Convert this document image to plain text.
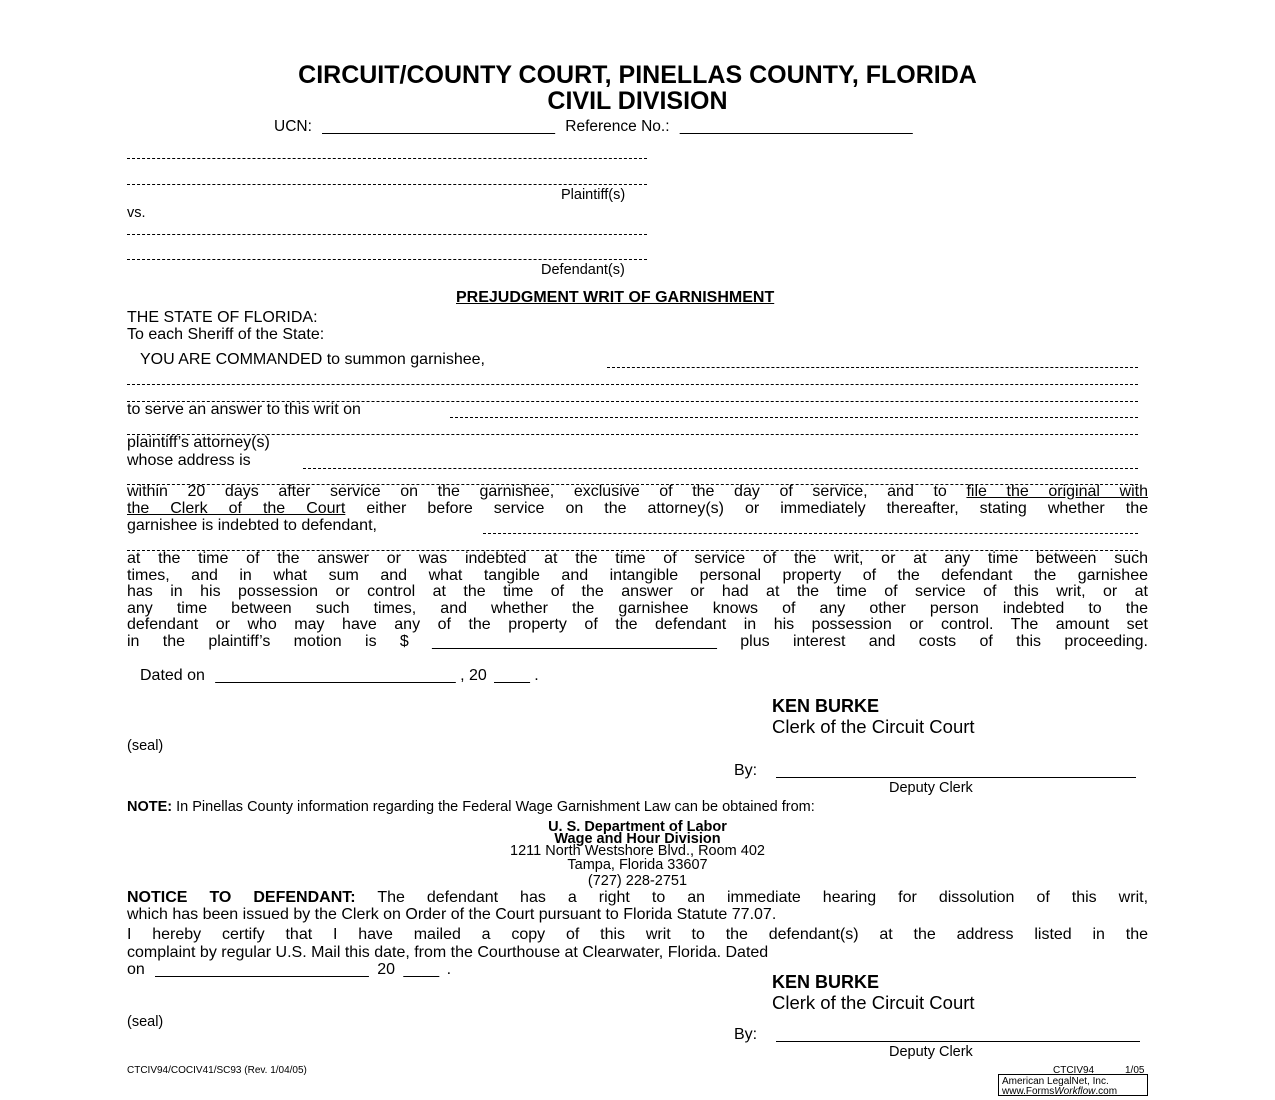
CIRCUIT/COUNTY COURT, PINELLAS COUNTY, FLORIDA
CIVIL DIVISION
UCN: ___________________________ Reference No.: ___________________________
Plaintiff(s)
vs.
Defendant(s)
PREJUDGMENT WRIT OF GARNISHMENT
THE STATE OF FLORIDA:
To each Sheriff of the State:
YOU ARE COMMANDED to summon garnishee,
to serve an answer to this writ on
plaintiff’s attorney(s)
whose address is
within 20 days after service on the garnishee, exclusive of the day of service, and to file the original with
the Clerk of the Court either before service on the attorney(s) or immediately thereafter, stating whether the
garnishee is indebted to defendant,
at the time of the answer or was indebted at the time of service of the writ, or at any time between such
times, and in what sum and what tangible and intangible personal property of the defendant the garnishee
has in his possession or control at the time of the answer or had at the time of service of this writ, or at
any time between such times, and whether the garnishee knows of any other person indebted to the
defendant or who may have any of the property of the defendant in his possession or control. The amount set
in the plaintiff’s motion is $ ________________________________ plus interest and costs of this proceeding.
Dated on ___________________________ , 20 ____ .
KEN BURKE
Clerk of the Circuit Court
(seal)
By:
Deputy Clerk
NOTE: In Pinellas County information regarding the Federal Wage Garnishment Law can be obtained from:
U. S. Department of Labor
Wage and Hour Division
1211 North Westshore Blvd., Room 402
Tampa, Florida 33607
(727) 228-2751
NOTICE TO DEFENDANT: The defendant has a right to an immediate hearing for dissolution of this writ,
which has been issued by the Clerk on Order of the Court pursuant to Florida Statute 77.07.
I hereby certify that I have mailed a copy of this writ to the defendant(s) at the address listed in the
complaint by regular U.S. Mail this date, from the Courthouse at Clearwater, Florida. Dated
on ________________________ 20 ____ .
KEN BURKE
Clerk of the Circuit Court
(seal)
By:
Deputy Clerk
CTCIV94/COCIV41/SC93 (Rev. 1/04/05)	CTCIV94	1/05
American LegalNet, Inc.
www.FormsWorkflow.com
